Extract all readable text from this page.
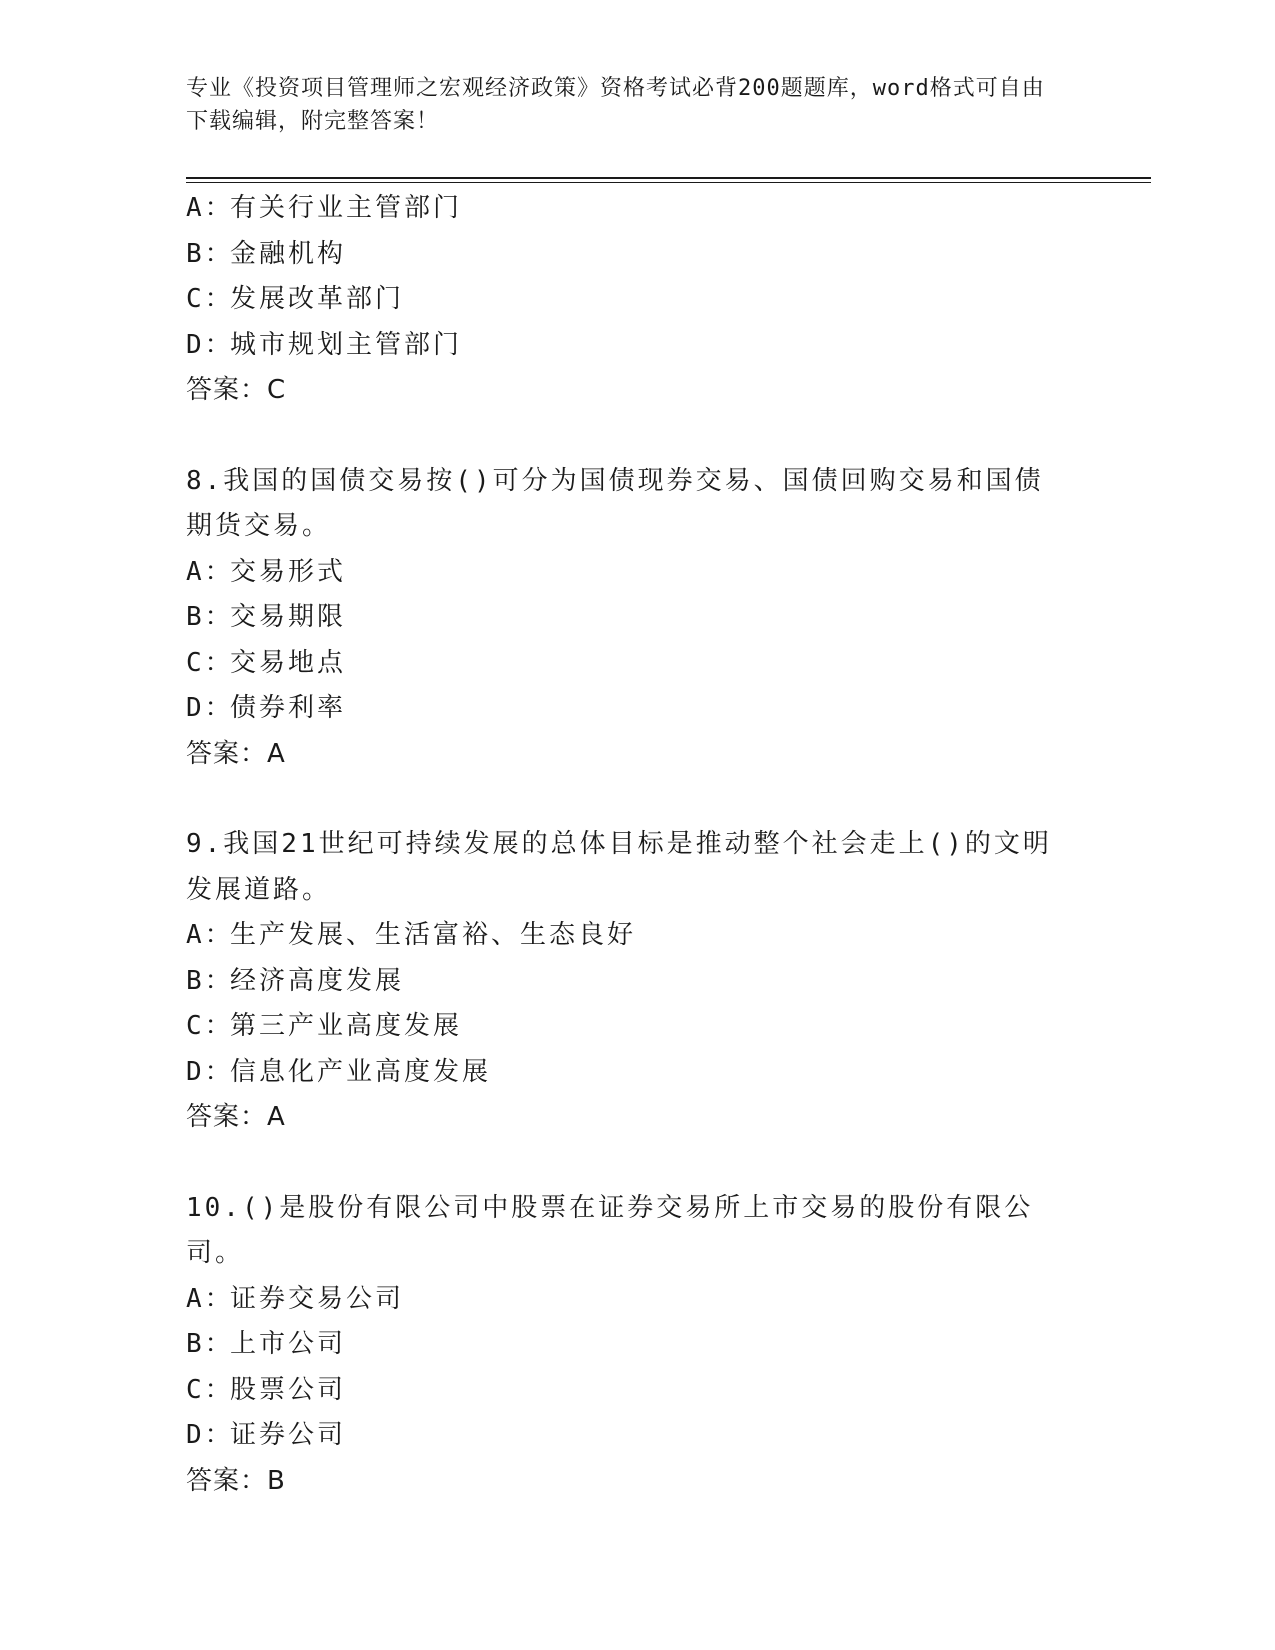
专业《投资项目管理师之宏观经济政策》资格考试必背200题题库，word格式可自由下载编辑，附完整答案！
A：有关行业主管部门
B：金融机构
C：发展改革部门
D：城市规划主管部门
答案：C
8.我国的国债交易按()可分为国债现券交易、国债回购交易和国债期货交易。
A：交易形式
B：交易期限
C：交易地点
D：债券利率
答案：A
9.我国21世纪可持续发展的总体目标是推动整个社会走上()的文明发展道路。
A：生产发展、生活富裕、生态良好
B：经济高度发展
C：第三产业高度发展
D：信息化产业高度发展
答案：A
10.()是股份有限公司中股票在证券交易所上市交易的股份有限公司。
A：证券交易公司
B：上市公司
C：股票公司
D：证券公司
答案：B
